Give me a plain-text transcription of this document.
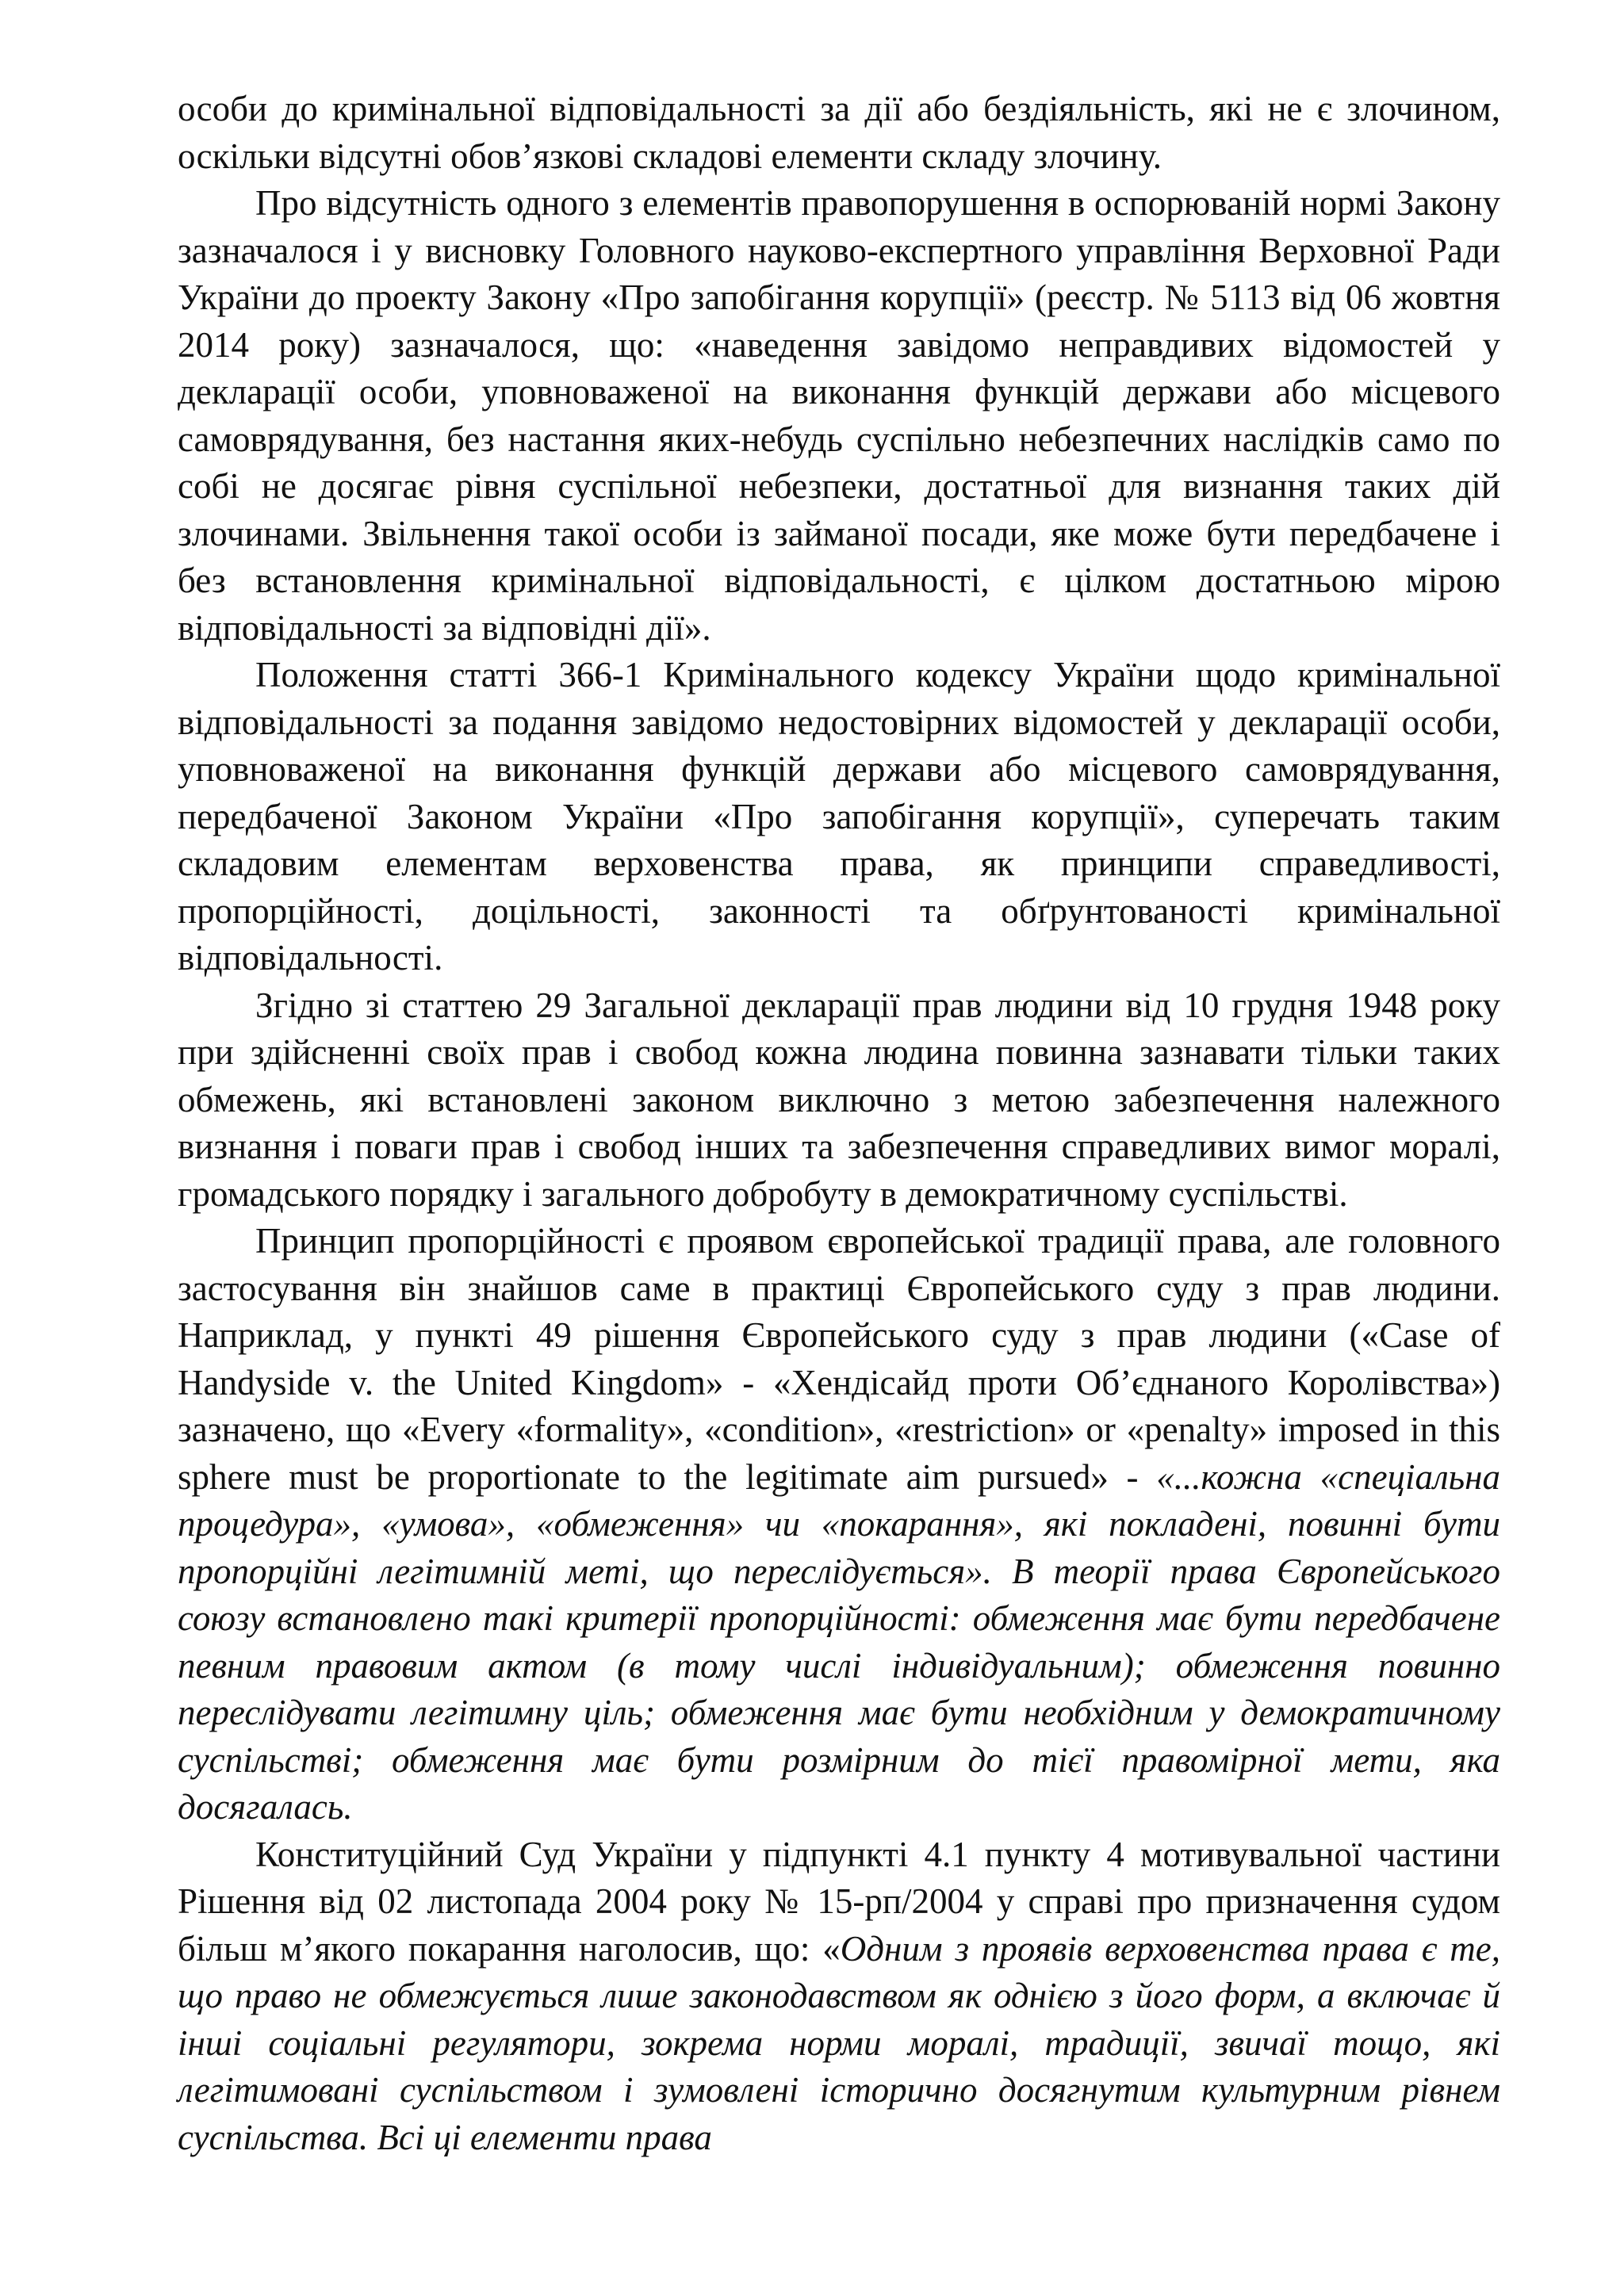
особи до кримінальної відповідальності за дії або бездіяльність, які не є злочином, оскільки відсутні обов’язкові складові елементи складу злочину.

Про відсутність одного з елементів правопорушення в оспорюваній нормі Закону зазначалося і у висновку Головного науково-експертного управління Верховної Ради України до проекту Закону «Про запобігання корупції» (реєстр. № 5113 від 06 жовтня 2014 року) зазначалося, що: «наведення завідомо неправдивих відомостей у декларації особи, уповноваженої на виконання функцій держави або місцевого самоврядування, без настання яких-небудь суспільно небезпечних наслідків само по собі не досягає рівня суспільної небезпеки, достатньої для визнання таких дій злочинами. Звільнення такої особи із займаної посади, яке може бути передбачене і без встановлення кримінальної відповідальності, є цілком достатньою мірою відповідальності за відповідні дії».

Положення статті 366-1 Кримінального кодексу України щодо кримінальної відповідальності за подання завідомо недостовірних відомостей у декларації особи, уповноваженої на виконання функцій держави або місцевого самоврядування, передбаченої Законом України «Про запобігання корупції», суперечать таким складовим елементам верховенства права, як принципи справедливості, пропорційності, доцільності, законності та обґрунтованості кримінальної відповідальності.

Згідно зі статтею 29 Загальної декларації прав людини від 10 грудня 1948 року при здійсненні своїх прав і свобод кожна людина повинна зазнавати тільки таких обмежень, які встановлені законом виключно з метою забезпечення належного визнання і поваги прав і свобод інших та забезпечення справедливих вимог моралі, громадського порядку і загального добробуту в демократичному суспільстві.

Принцип пропорційності є проявом європейської традиції права, але головного застосування він знайшов саме в практиці Європейського суду з прав людини. Наприклад, у пункті 49 рішення Європейського суду з прав людини («Case of Handyside v. the United Kingdom» - «Хендісайд проти Об’єднаного Королівства») зазначено, що «Every «formality», «condition», «restriction» or «penalty» imposed in this sphere must be proportionate to the legitimate aim pursued» - «...кожна «спеціальна процедура», «умова», «обмеження» чи «покарання», які покладені, повинні бути пропорційні легітимній меті, що переслідується». В теорії права Європейського союзу встановлено такі критерії пропорційності: обмеження має бути передбачене певним правовим актом (в тому числі індивідуальним); обмеження повинно переслідувати легітимну ціль; обмеження має бути необхідним у демократичному суспільстві; обмеження має бути розмірним до тієї правомірної мети, яка досягалась.

Конституційний Суд України у підпункті 4.1 пункту 4 мотивувальної частини Рішення від 02 листопада 2004 року № 15-рп/2004 у справі про призначення судом більш м’якого покарання наголосив, що: «Одним з проявів верховенства права є те, що право не обмежується лише законодавством як однією з його форм, а включає й інші соціальні регулятори, зокрема норми моралі, традиції, звичаї тощо, які легітимовані суспільством і зумовлені історично досягнутим культурним рівнем суспільства. Всі ці елементи права
